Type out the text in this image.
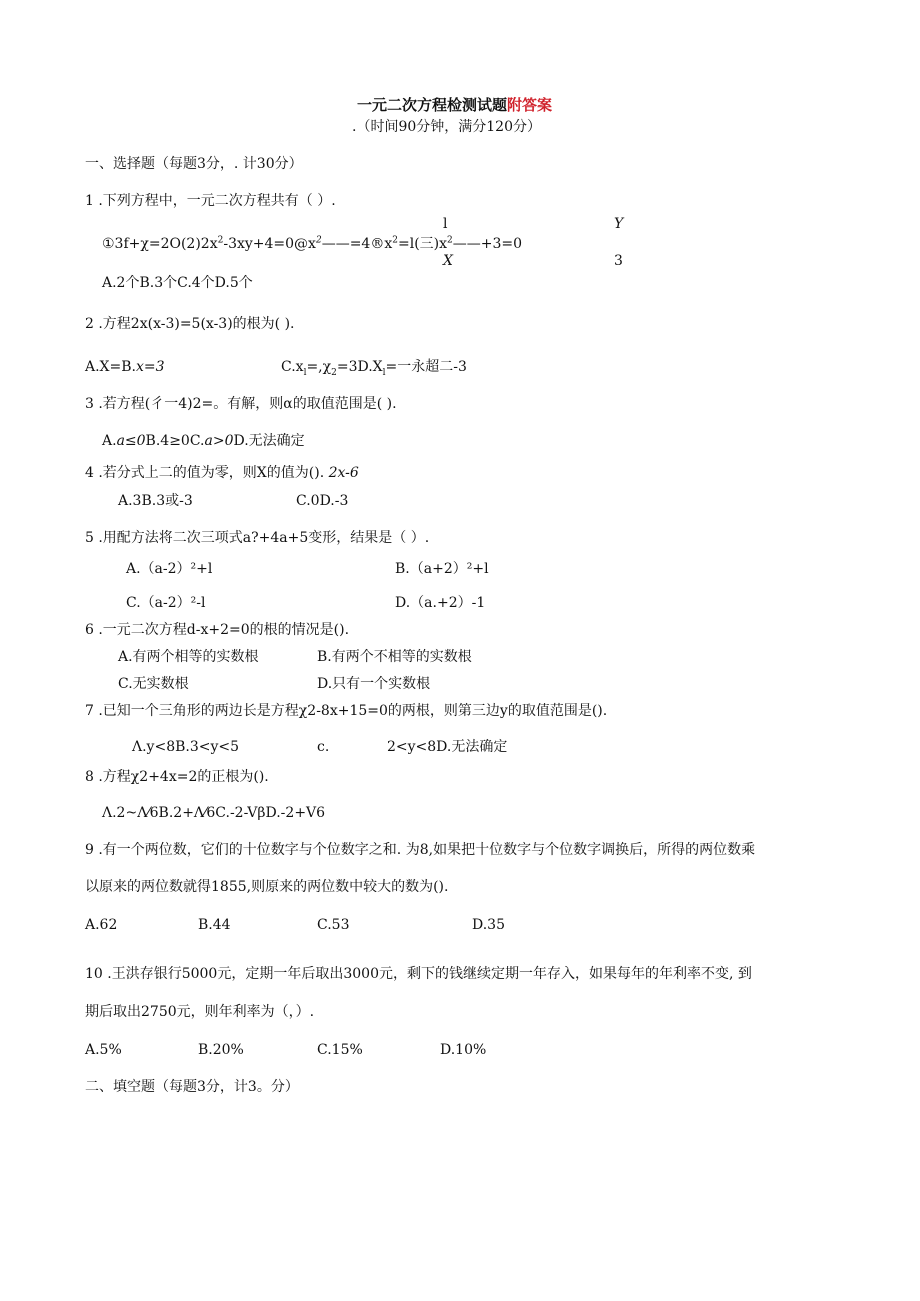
一元二次方程检测试题附答案
.（时间90分钟，满分120分）
一、选择题（每题3分，. 计30分）
1 .下列方程中，一元二次方程共有（ ）.
l	Y
$①3f+\chi=2O(2)2x^2-3xy+4=0@x^2——=4®x^2=l$(三)$x^2——+3=0$
X	3
A.2个B.3个C.4个D.5个
2 .方程2x(x-3)=5(x-3)的根为( ).
A.X=B.x=3	$C.x_l=,\chi_2=3D.X_l=$一永超二-3
3 .若方程(彳一4)2=。有解，则α的取值范围是( ).
A.a≤0B.4≥0C.a>0D.无法确定
4 .若分式上二的值为零，则X的值为(). 2x-6
A.3B.3或-3	C.0D.-3
5 .用配方法将二次三项式a?+4a+5变形，结果是（ ）.
A.（a-2）²+l	B.（a+2）²+l
C.（a-2）²-l	D.（a.+2）-1
6 .一元二次方程d-x+2=0的根的情况是().
A.有两个相等的实数根	B.有两个不相等的实数根
C.无实数根	D.只有一个实数根
7 .已知一个三角形的两边长是方程χ2-8x+15=0的两根，则第三边y的取值范围是().
Λ.y<8B.3<y<5	c.	2<y<8D.无法确定
8 .方程χ2+4x=2的正根为().
Λ.2~Λ⁄6B.2+Λ⁄6C.-2-VβD.-2+V6
9 .有一个两位数，它们的十位数字与个位数字之和. 为8,如果把十位数字与个位数字调换后，所得的两位数乘
以原来的两位数就得1855,则原来的两位数中较大的数为().
A.62	B.44	C.53	D.35
10 .王洪存银行5000元，定期一年后取出3000元，剩下的钱继续定期一年存入，如果每年的年利率不变, 到
期后取出2750元，则年利率为（，）.
A.5%	B.20%	C.15%	D.10%
二、填空题（每题3分，计3。分）
